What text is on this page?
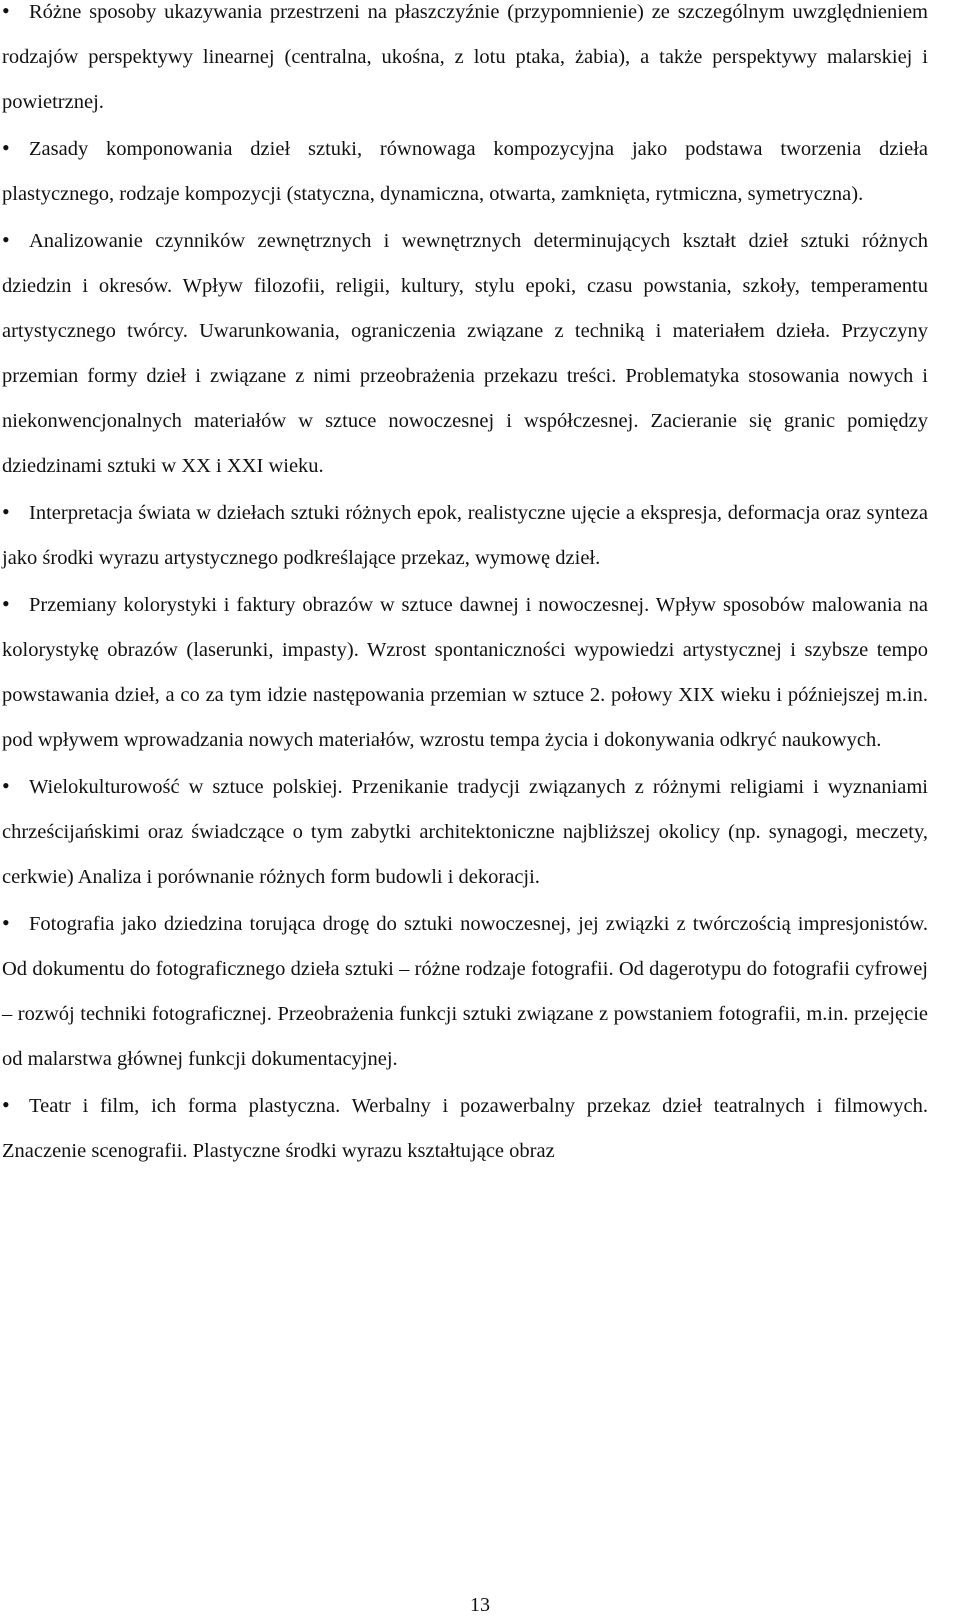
• Różne sposoby ukazywania przestrzeni na płaszczyźnie (przypomnienie) ze szczególnym uwzględnieniem rodzajów perspektywy linearnej (centralna, ukośna, z lotu ptaka, żabia), a także perspektywy malarskiej i powietrznej.

• Zasady komponowania dzieł sztuki, równowaga kompozycyjna jako podstawa tworzenia dzieła plastycznego, rodzaje kompozycji (statyczna, dynamiczna, otwarta, zamknięta, rytmiczna, symetryczna).

• Analizowanie czynników zewnętrznych i wewnętrznych determinujących kształt dzieł sztuki różnych dziedzin i okresów. Wpływ filozofii, religii, kultury, stylu epoki, czasu powstania, szkoły, temperamentu artystycznego twórcy. Uwarunkowania, ograniczenia związane z techniką i materiałem dzieła. Przyczyny przemian formy dzieł i związane z nimi przeobrażenia przekazu treści. Problematyka stosowania nowych i niekonwencjonalnych materiałów w sztuce nowoczesnej i współczesnej. Zacieranie się granic pomiędzy dziedzinami sztuki w XX i XXI wieku.

• Interpretacja świata w dziełach sztuki różnych epok, realistyczne ujęcie a ekspresja, deformacja oraz synteza jako środki wyrazu artystycznego podkreślające przekaz, wymowę dzieł.

• Przemiany kolorystyki i faktury obrazów w sztuce dawnej i nowoczesnej. Wpływ sposobów malowania na kolorystykę obrazów (laserunki, impasty). Wzrost spontaniczności wypowiedzi artystycznej i szybsze tempo powstawania dzieł, a co za tym idzie następowania przemian w sztuce 2. połowy XIX wieku i późniejszej m.in. pod wpływem wprowadzania nowych materiałów, wzrostu tempa życia i dokonywania odkryć naukowych.

• Wielokulturowość w sztuce polskiej. Przenikanie tradycji związanych z różnymi religiami i wyznaniami chrześcijańskimi oraz świadczące o tym zabytki architektoniczne najbliższej okolicy (np. synagogi, meczety, cerkwie) Analiza i porównanie różnych form budowli i dekoracji.

• Fotografia jako dziedzina torująca drogę do sztuki nowoczesnej, jej związki z twórczością impresjonistów. Od dokumentu do fotograficznego dzieła sztuki – różne rodzaje fotografii. Od dagerotypu do fotografii cyfrowej – rozwój techniki fotograficznej. Przeobrażenia funkcji sztuki związane z powstaniem fotografii, m.in. przejęcie od malarstwa głównej funkcji dokumentacyjnej.

• Teatr i film, ich forma plastyczna. Werbalny i pozawerbalny przekaz dzieł teatralnych i filmowych. Znaczenie scenografii. Plastyczne środki wyrazu kształtujące obraz

13
